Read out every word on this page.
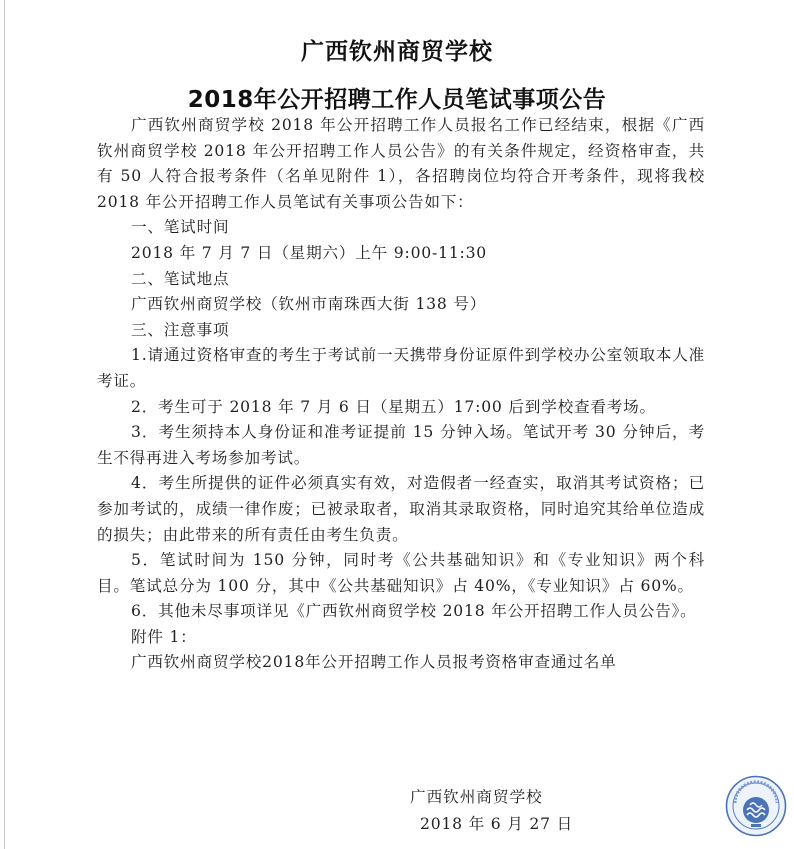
广西钦州商贸学校
2018年公开招聘工作人员笔试事项公告

广西钦州商贸学校 2018 年公开招聘工作人员报名工作已经结束，根据《广西钦州商贸学校 2018 年公开招聘工作人员公告》的有关条件规定，经资格审查，共有 50 人符合报考条件（名单见附件 1），各招聘岗位均符合开考条件，现将我校 2018 年公开招聘工作人员笔试有关事项公告如下：

一、笔试时间

2018 年 7 月 7 日（星期六）上午 9:00-11:30

二、笔试地点

广西钦州商贸学校（钦州市南珠西大街 138 号）

三、注意事项

1.请通过资格审查的考生于考试前一天携带身份证原件到学校办公室领取本人准考证。

2．考生可于 2018 年 7 月 6 日（星期五）17:00 后到学校查看考场。

3．考生须持本人身份证和准考证提前 15 分钟入场。笔试开考 30 分钟后，考生不得再进入考场参加考试。

4．考生所提供的证件必须真实有效，对造假者一经查实，取消其考试资格；已参加考试的，成绩一律作废；已被录取者，取消其录取资格，同时追究其给单位造成的损失；由此带来的所有责任由考生负责。

5．笔试时间为 150 分钟，同时考《公共基础知识》和《专业知识》两个科目。笔试总分为 100 分，其中《公共基础知识》占 40%，《专业知识》占 60%。

6．其他未尽事项详见《广西钦州商贸学校 2018 年公开招聘工作人员公告》。

附件 1：

广西钦州商贸学校2018年公开招聘工作人员报考资格审查通过名单

广西钦州商贸学校
2018 年 6 月 27 日
